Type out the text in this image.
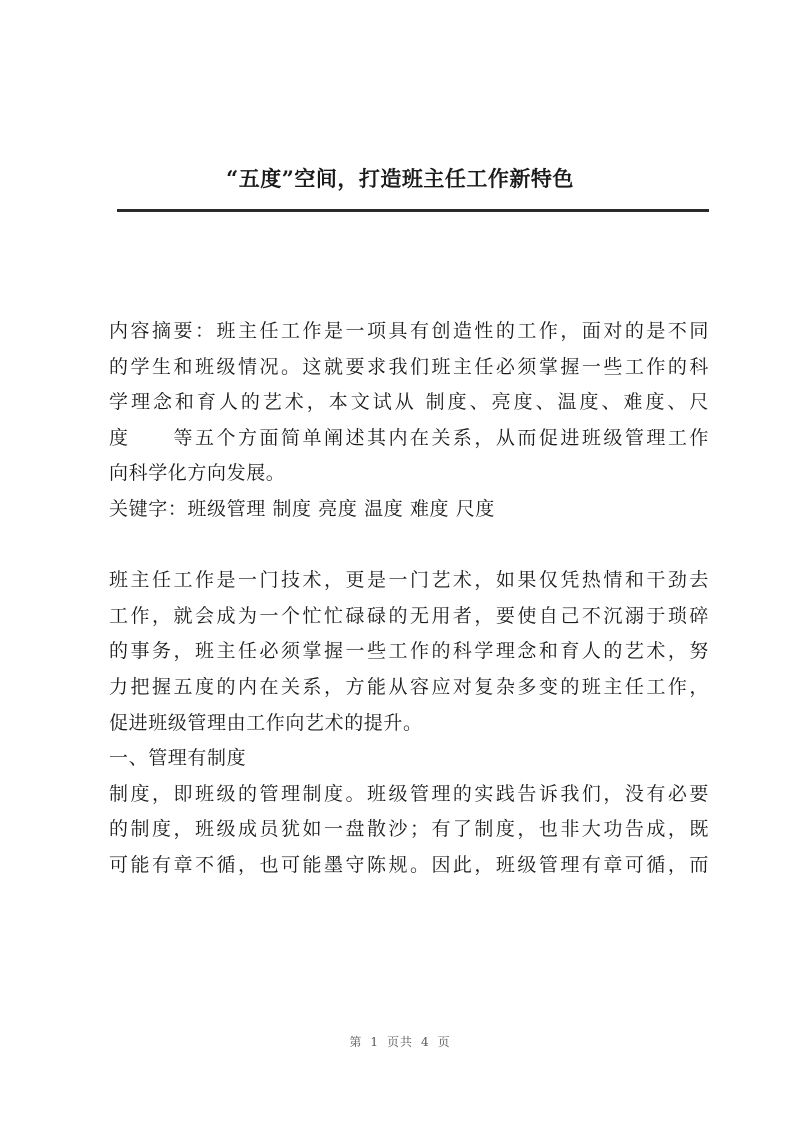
“五度”空间，打造班主任工作新特色
内容摘要：班主任工作是一项具有创造性的工作，面对的是不同
的学生和班级情况。这就要求我们班主任必须掌握一些工作的科
学理念和育人的艺术，本文试从 制度、亮度、温度、难度、尺
度　　等五个方面简单阐述其内在关系，从而促进班级管理工作
向科学化方向发展。
关键字：班级管理 制度 亮度 温度 难度 尺度
班主任工作是一门技术，更是一门艺术，如果仅凭热情和干劲去
工作，就会成为一个忙忙碌碌的无用者，要使自己不沉溺于琐碎
的事务，班主任必须掌握一些工作的科学理念和育人的艺术，努
力把握五度的内在关系，方能从容应对复杂多变的班主任工作，
促进班级管理由工作向艺术的提升。
一、管理有制度
制度，即班级的管理制度。班级管理的实践告诉我们，没有必要
的制度，班级成员犹如一盘散沙；有了制度，也非大功告成，既
可能有章不循，也可能墨守陈规。因此，班级管理有章可循，而
第 1 页共 4 页
